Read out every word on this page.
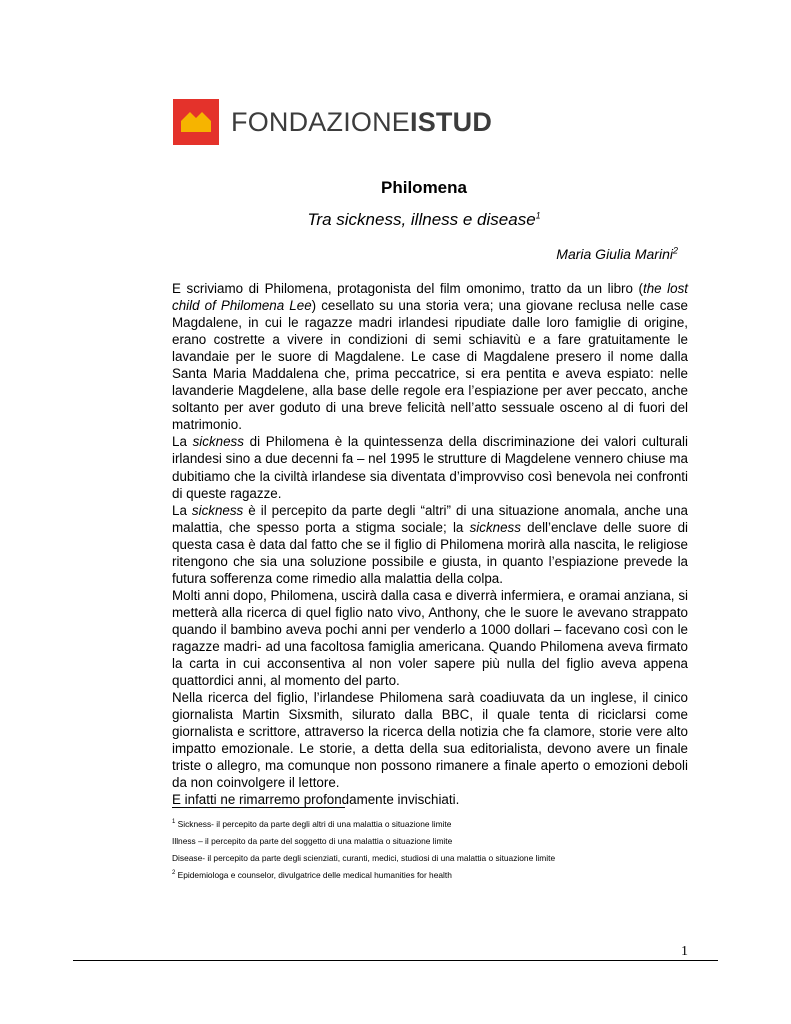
FONDAZIONEISTUD
Philomena
Tra sickness, illness e disease$^1$
Maria Giulia Marini$^2$

E scriviamo di Philomena, protagonista del film omonimo, tratto da un libro (the lost child of Philomena Lee) cesellato su una storia vera; una giovane reclusa nelle case Magdalene, in cui le ragazze madri irlandesi ripudiate dalle loro famiglie di origine, erano costrette a vivere in condizioni di semi schiavitù e a fare gratuitamente le lavandaie per le suore di Magdalene. Le case di Magdalene presero il nome dalla Santa Maria Maddalena che, prima peccatrice, si era pentita e aveva espiato: nelle lavanderie Magdelene, alla base delle regole era l’espiazione per aver peccato, anche soltanto per aver goduto di una breve felicità nell’atto sessuale osceno al di fuori del matrimonio.

La sickness di Philomena è la quintessenza della discriminazione dei valori culturali irlandesi sino a due decenni fa – nel 1995 le strutture di Magdelene vennero chiuse ma dubitiamo che la civiltà irlandese sia diventata d’improvviso così benevola nei confronti di queste ragazze.

La sickness è il percepito da parte degli “altri” di una situazione anomala, anche una malattia, che spesso porta a stigma sociale; la sickness dell’enclave delle suore di questa casa è data dal fatto che se il figlio di Philomena morirà alla nascita, le religiose ritengono che sia una soluzione possibile e giusta, in quanto l’espiazione prevede la futura sofferenza come rimedio alla malattia della colpa.

Molti anni dopo, Philomena, uscirà dalla casa e diverrà infermiera, e oramai anziana, si metterà alla ricerca di quel figlio nato vivo, Anthony, che le suore le avevano strappato quando il bambino aveva pochi anni per venderlo a 1000 dollari – facevano così con le ragazze madri- ad una facoltosa famiglia americana. Quando Philomena aveva firmato la carta in cui acconsentiva al non voler sapere più nulla del figlio aveva appena quattordici anni, al momento del parto.

Nella ricerca del figlio, l’irlandese Philomena sarà coadiuvata da un inglese, il cinico giornalista Martin Sixsmith, silurato dalla BBC, il quale tenta di riciclarsi come giornalista e scrittore, attraverso la ricerca della notizia che fa clamore, storie vere alto impatto emozionale. Le storie, a detta della sua editorialista, devono avere un finale triste o allegro, ma comunque non possono rimanere a finale aperto o emozioni deboli da non coinvolgere il lettore.

E infatti ne rimarremo profondamente invischiati.

$^1$ Sickness- il percepito da parte degli altri di una malattia o situazione limite

Illness – il percepito da parte del soggetto di una malattia o situazione limite

Disease- il percepito da parte degli scienziati, curanti, medici, studiosi di una malattia o situazione limite

$^2$ Epidemiologa e counselor, divulgatrice delle medical humanities for health

1
